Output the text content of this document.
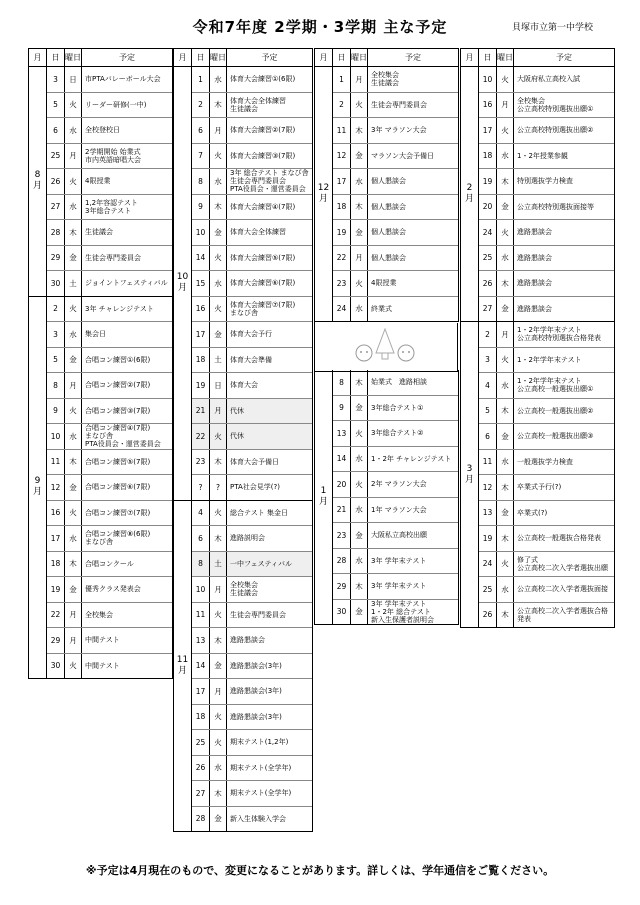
令和7年度 2学期・3学期 主な予定	貝塚市立第一中学校
月	日 曜日	予定
8
月
3	日	市PTAバレーボール大会
5	火	リーダー研修(一中)
6	水	全校登校日
25	月	2学期開始 始業式
市内英語暗唱大会
26	火	4限授業
27	水	1,2年容認テスト
3年総合テスト
28	木	生徒議会
29	金	生徒会専門委員会
30	土	ジョイントフェスティバル
9
月
2	火	3年 チャレンジテスト
3	水	集会日
5	金	合唱コン練習①(6限)
8	月	合唱コン練習②(7限)
9	火	合唱コン練習③(7限)
10	水
合唱コン練習④(7限)
まなび舎
PTA役員会・運営委員会
11	木	合唱コン練習⑤(7限)
12	金	合唱コン練習⑥(7限)
16	火	合唱コン練習⑦(7限)
17	水	合唱コン練習⑧(6限)
まなび舎
18	木	合唱コンクール
19	金	優秀クラス発表会
22	月	全校集会
29	月	中間テスト
30	火	中間テスト
月	日 曜日	予定
10
月
1	水	体育大会練習①(6限)
2	木	体育大会全体練習
生徒議会
6	月	体育大会練習②(7限)
7	火	体育大会練習③(7限)
8	水
3年 総合テスト まなび舎
生徒会専門委員会
PTA役員会・運営委員会
9	木	体育大会練習④(7限)
10	金	体育大会全体練習
14	火	体育大会練習⑤(7限)
15	水	体育大会練習⑥(7限)
16	火	体育大会練習⑦(7限)
まなび舎
17	金	体育大会予行
18	土	体育大会準備
19	日	体育大会
21	月	代休
22	火	代休
23	木	体育大会予備日
?	?	PTA社会見学(?)
11
月
4	火	総合テスト 集金日
6	木	進路説明会
8	土	一中フェスティバル
10	月	全校集会
生徒議会
11	火	生徒会専門委員会
13	木	進路懇談会
14	金	進路懇談会(3年)
17	月	進路懇談会(3年)
18	火	進路懇談会(3年)
25	火	期末テスト(1,2年)
26	水	期末テスト(全学年)
27	木	期末テスト(全学年)
28	金	新入生体験入学会
月	日 曜日	予定
12
月
1	月	全校集会
生徒議会
2	火	生徒会専門委員会
11	木	3年 マラソン大会
12	金	マラソン大会予備日
17	水	個人懇談会
18	木	個人懇談会
19	金	個人懇談会
22	月	個人懇談会
23	火	4限授業
24	水	終業式
1
月
8	木	始業式　進路相談
9	金	3年総合テスト①
13	火	3年総合テスト②
14	水	1・2年 チャレンジテスト
20	火	2年 マラソン大会
21	水	1年 マラソン大会
23	金	大阪私立高校出願
28	水	3年 学年末テスト
29	木	3年 学年末テスト
30	金
3年 学年末テスト
1・2年 総合テスト
新入生保護者説明会
月	日 曜日	予定
2
月
10	火	大阪府私立高校入試
16	月	全校集会
公立高校特別選抜出願①
17	火	公立高校特別選抜出願②
18	水	1・2年授業参観
19	木	特別選抜学力検査
20	金	公立高校特別選抜面接等
24	火	進路懇談会
25	水	進路懇談会
26	木	進路懇談会
27	金	進路懇談会
3
月
2	月	1・2年学年末テスト
公立高校特別選抜合格発表
3	火	1・2年学年末テスト
4	水	1・2年学年末テスト
公立高校一般選抜出願①
5	木	公立高校一般選抜出願②
6	金	公立高校一般選抜出願③
11	水	一般選抜学力検査
12	木	卒業式予行(?)
13	金	卒業式(?)
19	木	公立高校一般選抜合格発表
24	火	修了式
公立高校二次入学者選抜出願
25	水	公立高校二次入学者選抜面接
26	木	公立高校二次入学者選抜合格発表
※予定は4月現在のもので、変更になることがあります。詳しくは、学年通信をご覧ください。
